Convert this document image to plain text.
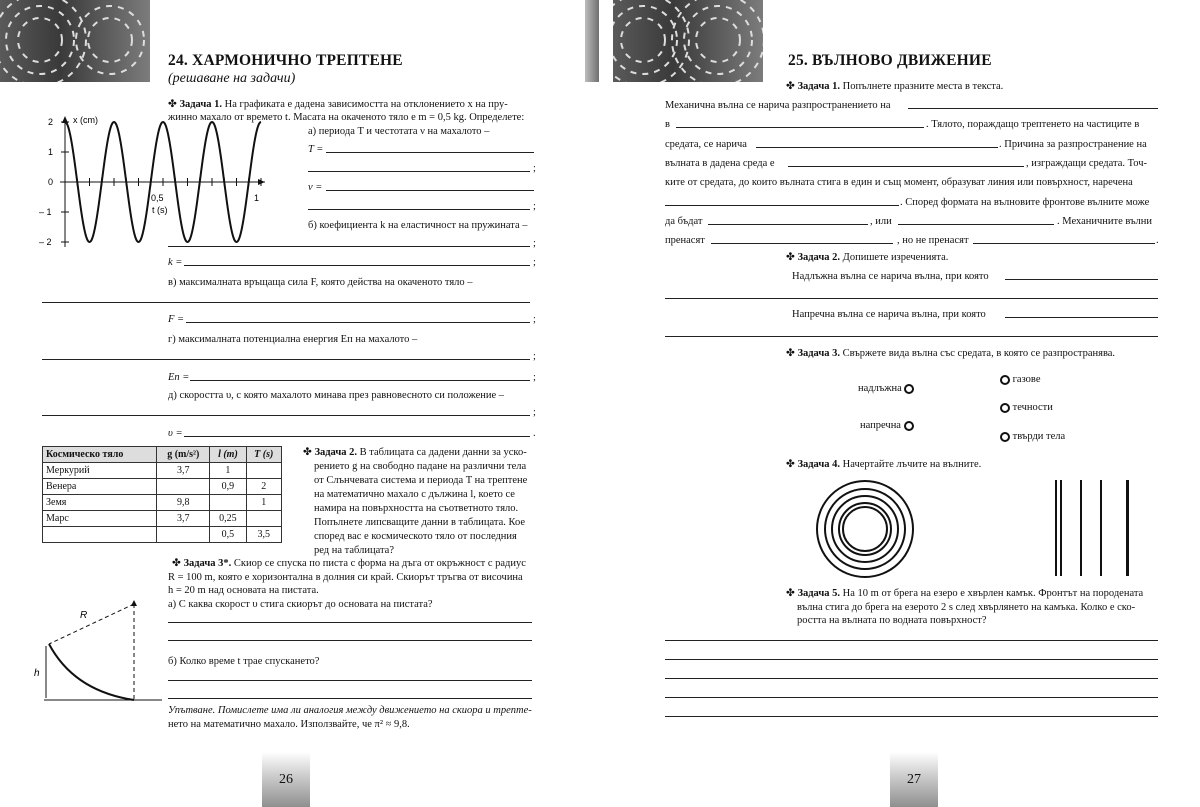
24. ХАРМОНИЧНО ТРЕПТЕНЕ
(решаване на задачи)
✤ Задача 1. На графиката е дадена зависимостта на отклонението x на пру-
жинно махало от времето t. Масата на окаченото тяло е m = 0,5 kg. Определете:
а) периода T и честотата ν на махалото –
x (cm)
2
1
0
– 1
– 2
0,5	1
t (s)
T =
;
ν =
;
б) коефициента k на еластичност на пружината –
;
k =	;
в) максималната връщаща сила F, която действа на окаченото тяло –
F =	;
г) максималната потенциална енергия Eп на махалото –
;
Eп =	;
д) скоростта υ, с която махалото минава през равновесното си положение –
;
υ =	.
Космическо тяло	g (m/s²)	l (m)	T (s)
Меркурий	3,7	1	
Венера		0,9	2
Земя	9,8		1
Марс	3,7	0,25	
		0,5	3,5
✤ Задача 2. В таблицата са дадени данни за уско-
рението g на свободно падане на различни тела
от Слънчевата система и периода T на трептене
на математично махало с дължина l, което се
намира на повърхността на съответното тяло.
Попълнете липсващите данни в таблицата. Кое
според вас е космическото тяло от последния
ред на таблицата?
✤ Задача 3*. Скиор се спуска по писта с форма на дъга от окръжност с радиус
R = 100 m, която е хоризонтална в долния си край. Скиорът тръгва от височина
h = 20 m над основата на пистата.
а) С каква скорост υ стига скиорът до основата на пистата?
б) Колко време t трае спускането?
Упътване. Помислете има ли аналогия между движението на скиора и трепте-
нето на математично махало. Използвайте, че π² ≈ 9,8.
R
h
26
25. ВЪЛНОВО ДВИЖЕНИЕ
✤ Задача 1. Попълнете празните места в текста.
Механична вълна се нарича разпространението на
в	. Тялото, пораждащо трептенето на частиците в
средата, се нарича	. Причина за разпространение на
вълната в дадена среда е	, изграждащи средата. Точ-
ките от средата, до които вълната стига в един и същ момент, образуват линия или повърхност, наречена
. Според формата на вълновите фронтове вълните може
да бъдат	, или	. Механичните вълни
пренасят	, но не пренасят	.
✤ Задача 2. Допишете изреченията.
Надлъжна вълна се нарича вълна, при която
Напречна вълна се нарича вълна, при която
✤ Задача 3. Свържете вида вълна със средата, в която се разпространява.
надлъжна
напречна
газове
течности
твърди тела
✤ Задача 4. Начертайте лъчите на вълните.
✤ Задача 5. На 10 m от брега на езеро е хвърлен камък. Фронтът на породената
вълна стига до брега на езерото 2 s след хвърлянето на камъка. Колко е ско-
ростта на вълната по водната повърхност?
27
